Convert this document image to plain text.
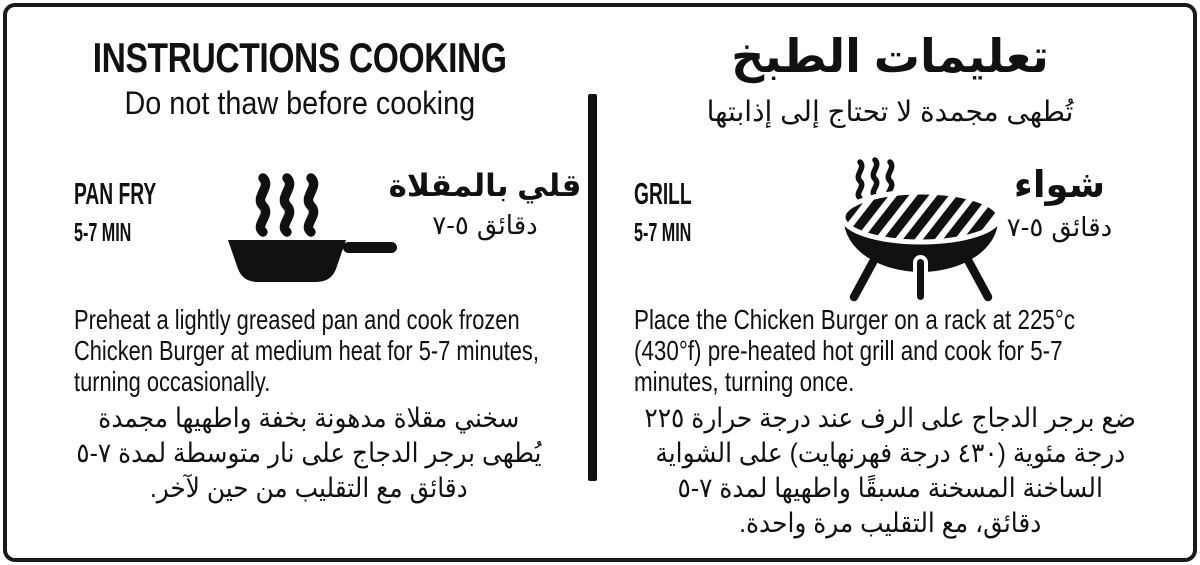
INSTRUCTIONS COOKING
Do not thaw before cooking
PAN FRY
5-7 MIN
قلي بالمقلاة
٥-٧ دقائق
Preheat a lightly greased pan and cook frozen
Chicken Burger at medium heat for 5-7 minutes,
turning occasionally.
سخني مقلاة مدهونة بخفة واطهيها مجمدة
يُطهى برجر الدجاج على نار متوسطة لمدة ٥‎-‎٧
دقائق مع التقليب من حين لآخر.
تعليمات الطبخ
تُطهى مجمدة لا تحتاج إلى إذابتها
GRILL
5-7 MIN
شواء
٥-٧ دقائق
Place the Chicken Burger on a rack at 225°c
(430°f) pre-heated hot grill and cook for 5-7
minutes, turning once.
ضع برجر الدجاج على الرف عند درجة حرارة ٢٢٥
درجة مئوية (٤٣٠ درجة فهرنهايت) على الشواية
الساخنة المسخنة مسبقًا واطهيها لمدة ٥‎-‎٧
دقائق، مع التقليب مرة واحدة.
